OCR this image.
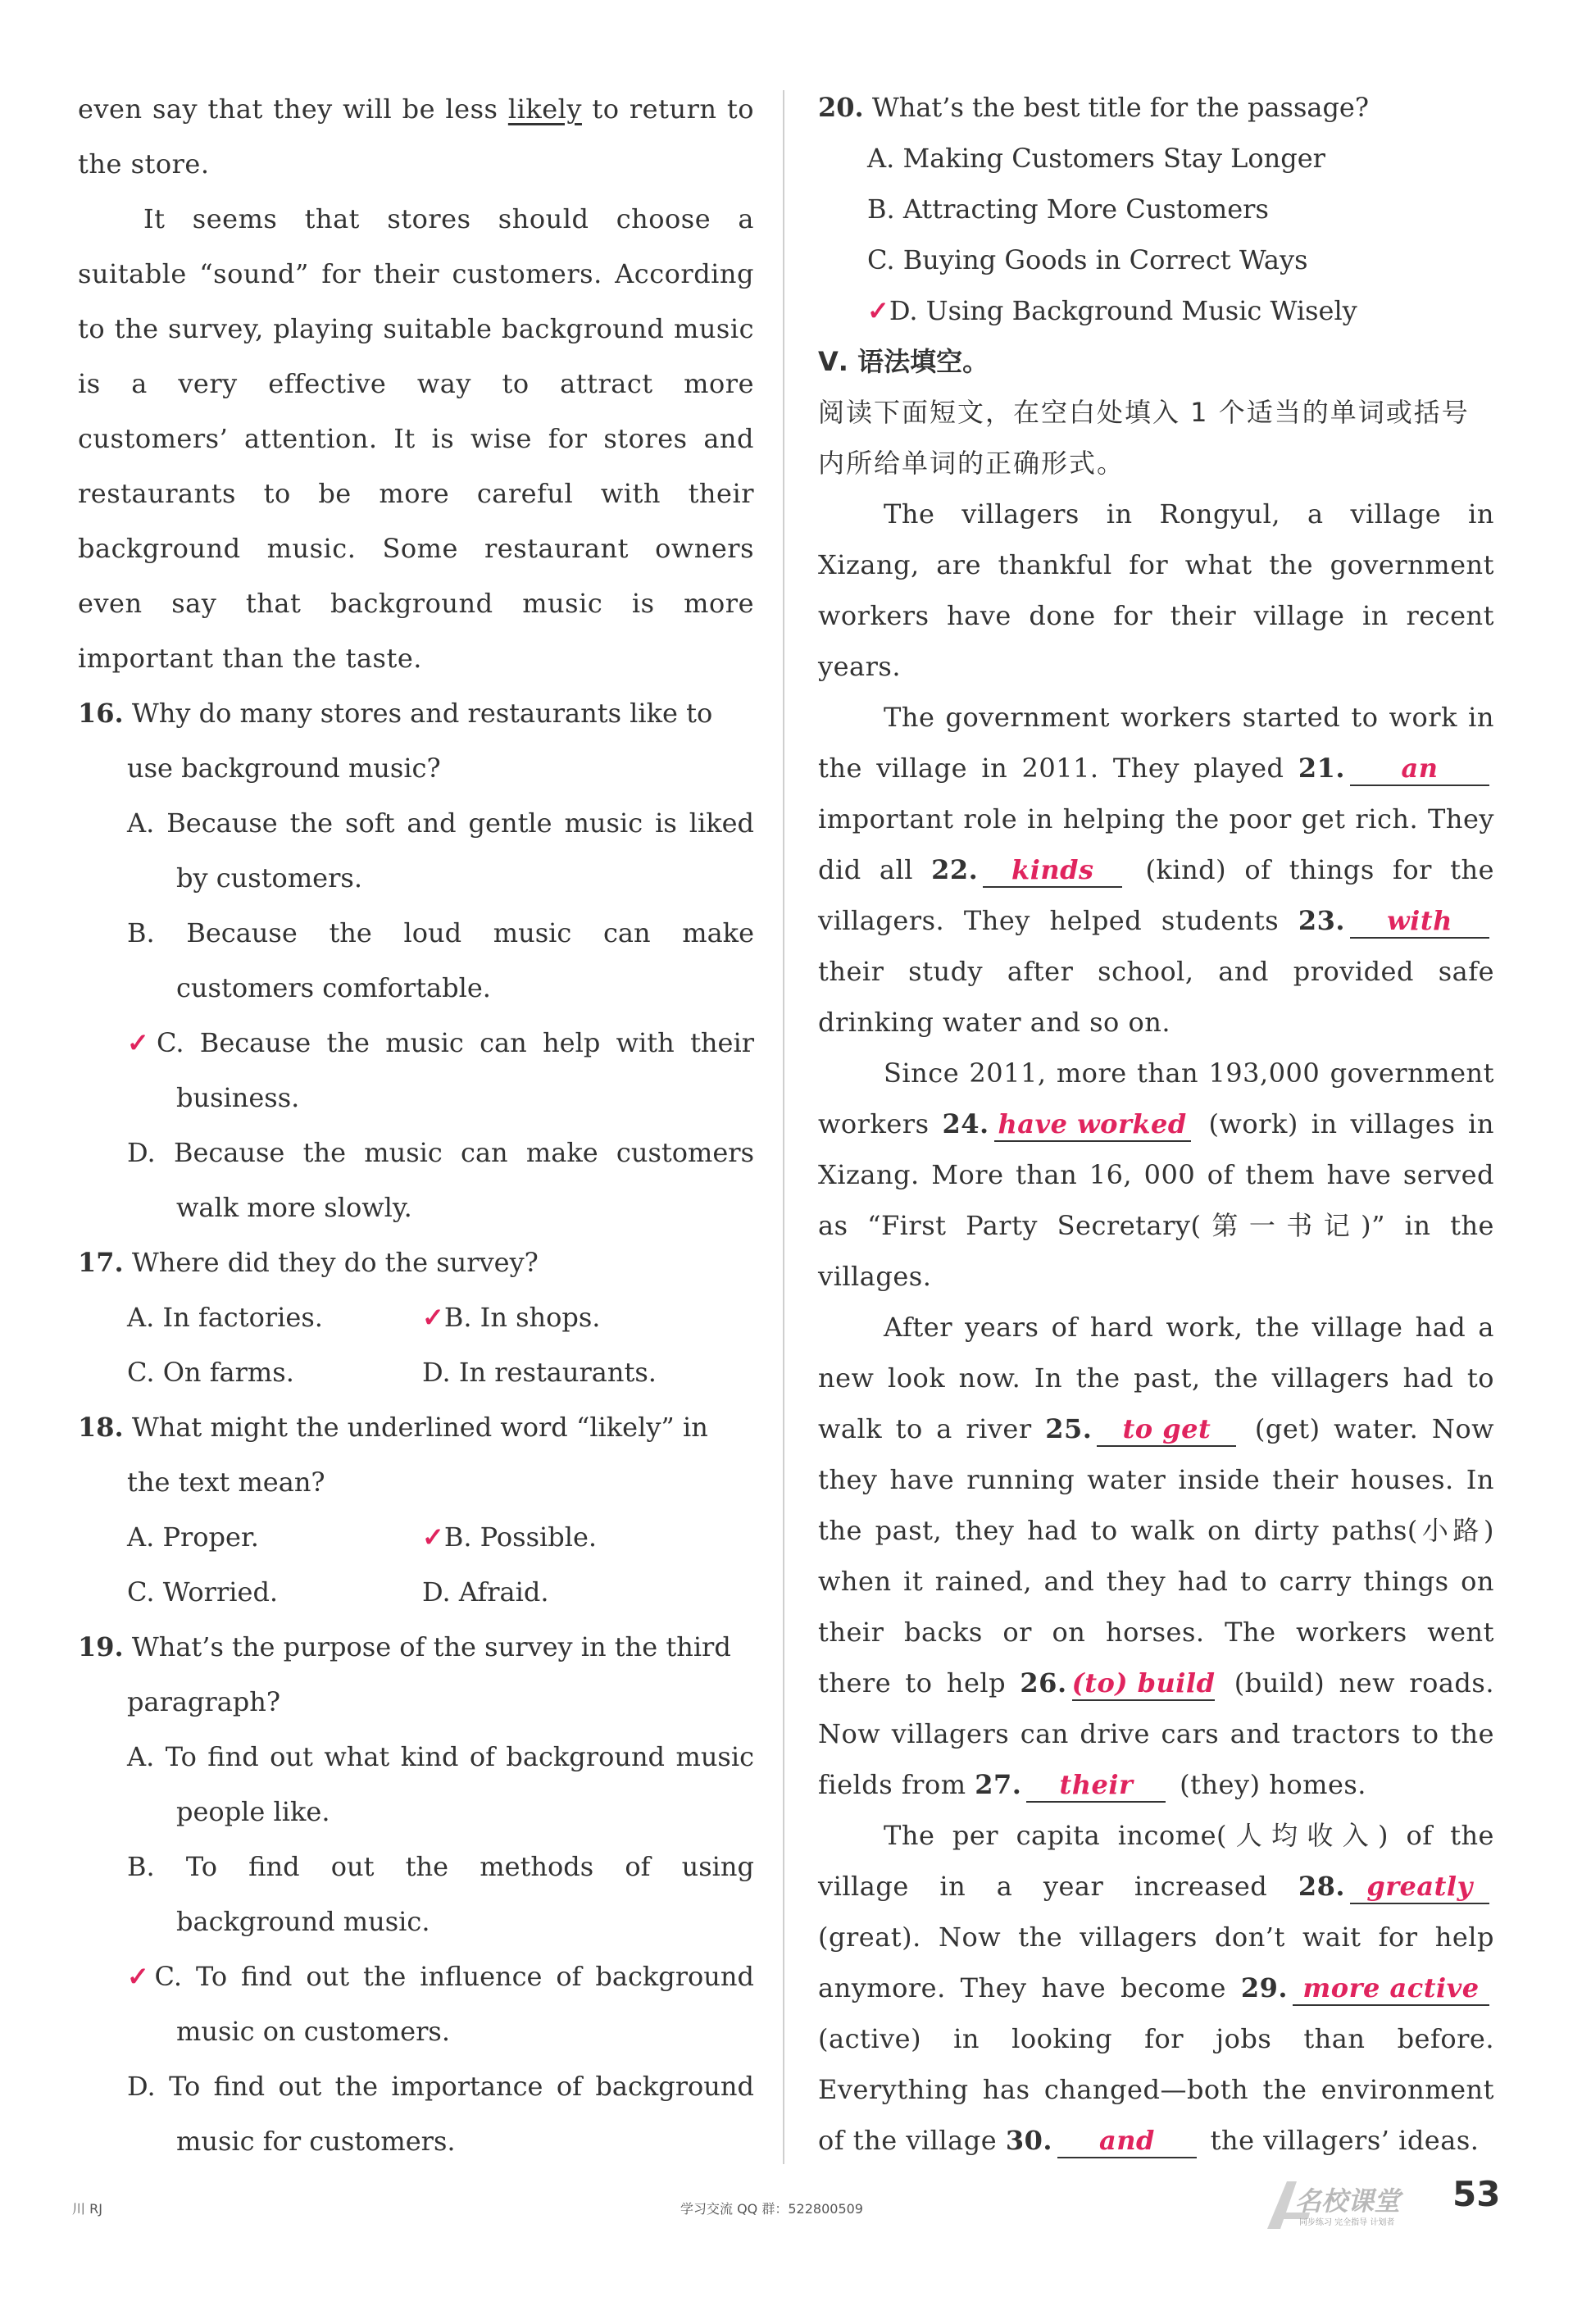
even say that they will be less likely to return to the store.

It seems that stores should choose a suitable “sound” for their customers. According to the survey, playing suitable background music is a very effective way to attract more customers’ attention. It is wise for stores and restaurants to be more careful with their background music. Some restaurant owners even say that background music is more important than the taste.

16. Why do many stores and restaurants like to use background music?

A. Because the soft and gentle music is liked by customers.

B. Because the loud music can make customers comfortable.

✓C. Because the music can help with their business.

D. Because the music can make customers walk more slowly.

17. Where did they do the survey?

A. In factories.	✓B. In shops.
C. On farms.	D. In restaurants.

18. What might the underlined word “likely” in the text mean?

A. Proper.	✓B. Possible.
C. Worried.	D. Afraid.

19. What’s the purpose of the survey in the third paragraph?

A. To find out what kind of background music people like.

B. To find out the methods of using background music.

✓C. To find out the influence of background music on customers.

D. To find out the importance of background music for customers.

20. What’s the best title for the passage?

A. Making Customers Stay Longer

B. Attracting More Customers

C. Buying Goods in Correct Ways

✓D. Using Background Music Wisely

Ⅴ. 语法填空。

阅读下面短文，在空白处填入 1 个适当的单词或括号内所给单词的正确形式。

The villagers in Rongyul, a village in Xizang, are thankful for what the government workers have done for their village in recent years.

The government workers started to work in the village in 2011. They played 21. an important role in helping the poor get rich. They did all 22. kinds (kind) of things for the villagers. They helped students 23. with their study after school, and provided safe drinking water and so on.

Since 2011, more than 193,000 government workers 24. have worked (work) in villages in Xizang. More than 16, 000 of them have served as “First Party Secretary(第一书记)” in the villages.

After years of hard work, the village had a new look now. In the past, the villagers had to walk to a river 25. to get (get) water. Now they have running water inside their houses. In the past, they had to walk on dirty paths(小路) when it rained, and they had to carry things on their backs or on horses. The workers went there to help 26. (to) build (build) new roads. Now villagers can drive cars and tractors to the fields from 27. their (they) homes.

The per capita income(人均收入) of the village in a year increased 28. greatly (great). Now the villagers don’t wait for help anymore. They have become 29. more active (active) in looking for jobs than before. Everything has changed—both the environment of the village 30. and the villagers’ ideas.

川 RJ	学习交流 QQ 群：522800509	名校课堂
同步练习 完全指导 计划者
53
